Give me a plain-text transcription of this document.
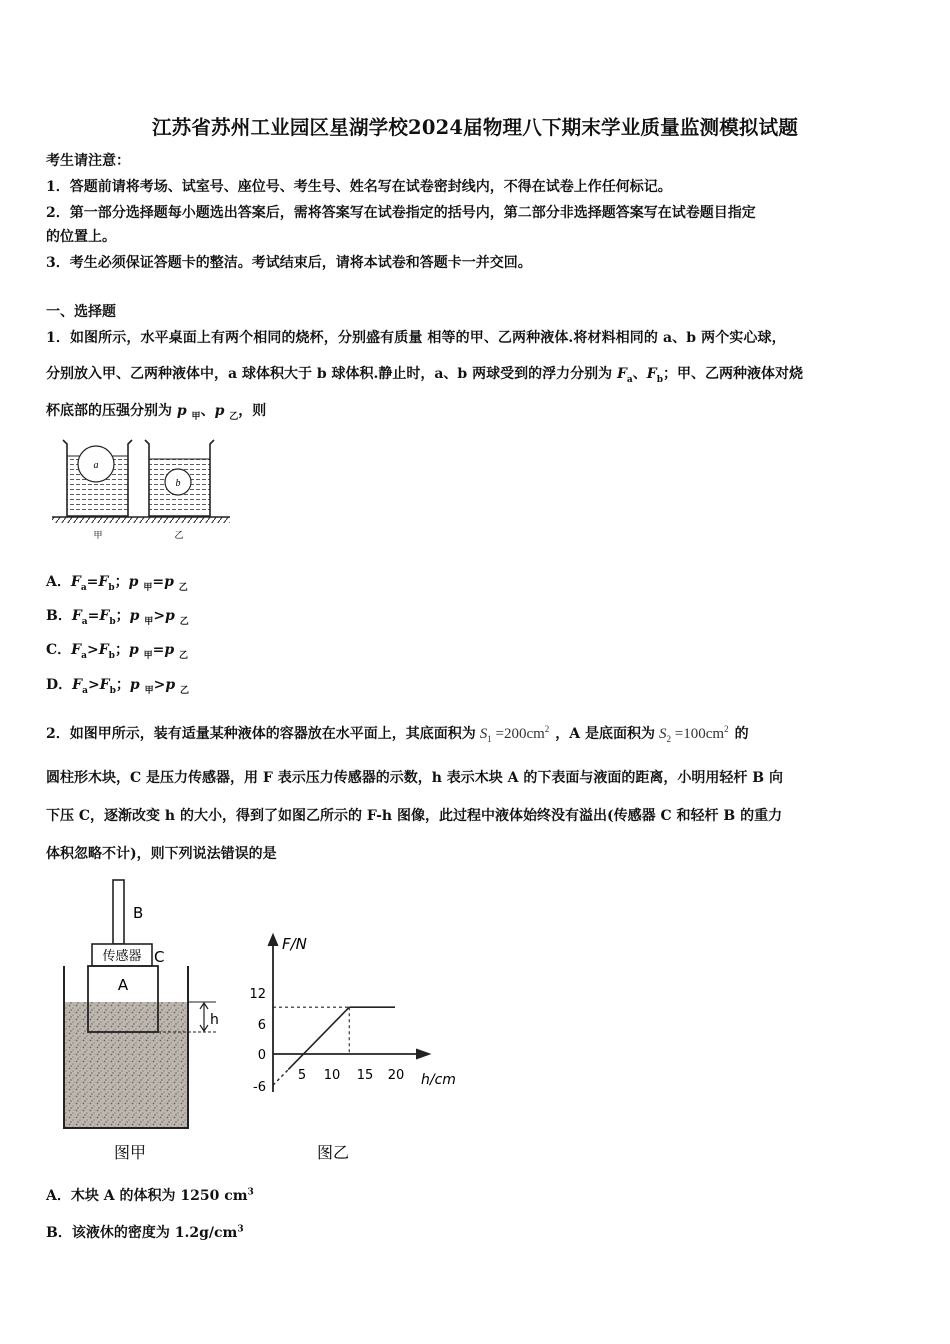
江苏省苏州工业园区星湖学校2024届物理八下期末学业质量监测模拟试题
考生请注意：
1．答题前请将考场、试室号、座位号、考生号、姓名写在试卷密封线内，不得在试卷上作任何标记。
2．第一部分选择题每小题选出答案后，需将答案写在试卷指定的括号内，第二部分非选择题答案写在试卷题目指定
的位置上。
3．考生必须保证答题卡的整洁。考试结束后，请将本试卷和答题卡一并交回。
一、选择题
1．如图所示，水平桌面上有两个相同的烧杯，分别盛有质量 相等的甲、乙两种液体.将材料相同的 a、b 两个实心球，
分别放入甲、乙两种液体中，a 球体积大于 b 球体积.静止时，a、b 两球受到的浮力分别为 $F_a$、$F_b$；甲、乙两种液体对烧
杯底部的压强分别为 p $_甲$、p $_乙$，则
a
b
甲	乙
A．$F_a=F_b$；p $_甲$=p $_乙$
B．$F_a=F_b$；p $_甲$>p $_乙$
C．$F_a>F_b$；p $_甲$=p $_乙$
D．$F_a>F_b$；p $_甲$>p $_乙$
2．如图甲所示，装有适量某种液体的容器放在水平面上，其底面积为 $S_1 =200cm^2$ ，A 是底面积为 $S_2 =100cm^2$ 的
圆柱形木块，C 是压力传感器，用 F 表示压力传感器的示数，h 表示木块 A 的下表面与液面的距离，小明用轻杆 B 向
下压 C，逐渐改变 h 的大小，得到了如图乙所示的 F-h 图像，此过程中液体始终没有溢出(传感器 C 和轻杆 B 的重力
体积忽略不计)，则下列说法错误的是
B
传感器 C
A
h
图甲
F/N
h/cm
12
6
0
-6
5 10 15 20
图乙
A．木块 A 的体积为 1250 $cm^3$
B．该液休的密度为 $1.2g/cm^3$
